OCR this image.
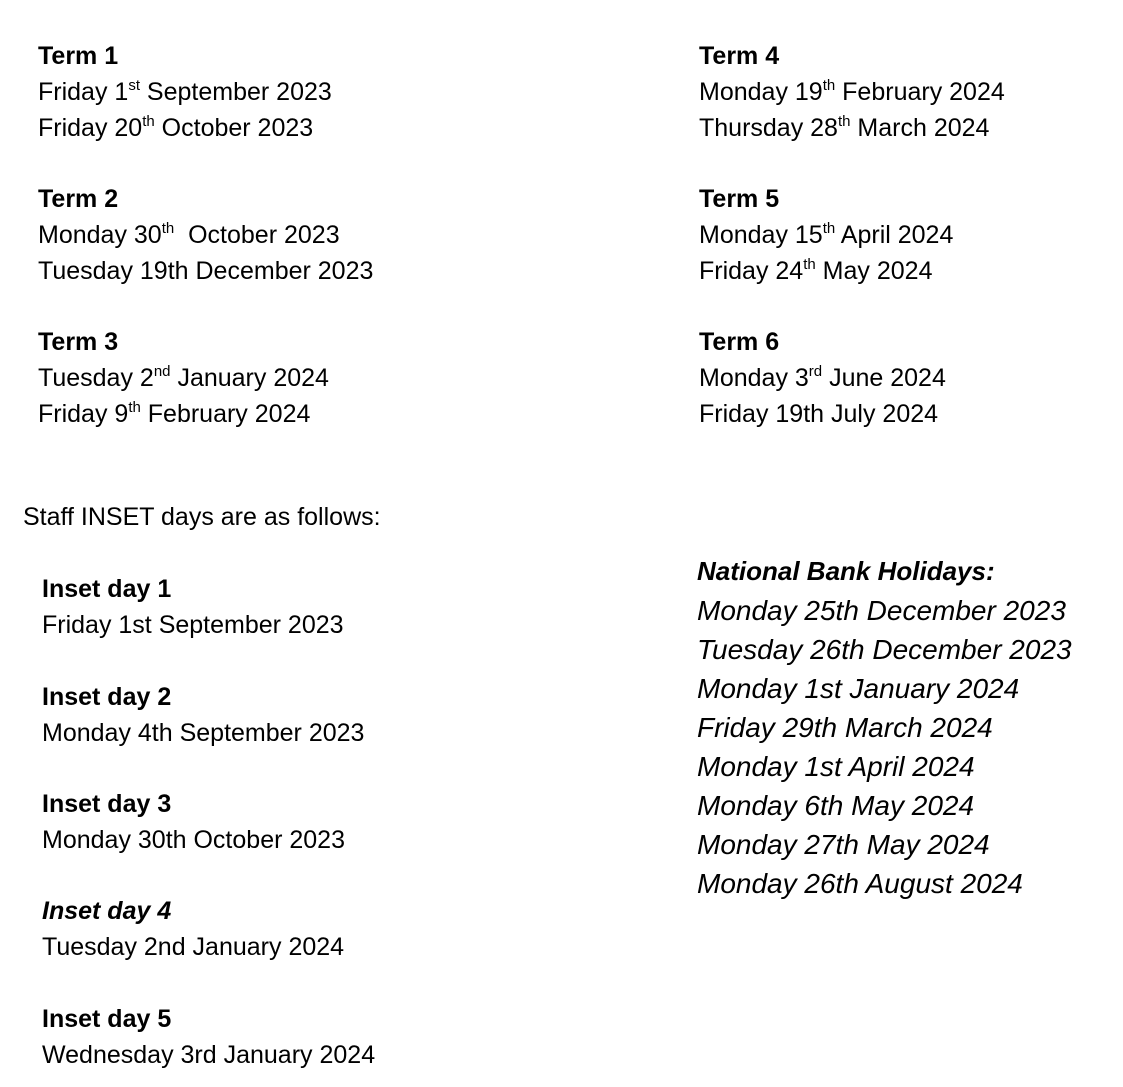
Term 1
Friday 1st September 2023
Friday 20th October 2023
Term 2
Monday 30th  October 2023
Tuesday 19th December 2023
Term 3
Tuesday 2nd January 2024
Friday 9th February 2024
Term 4
Monday 19th February 2024
Thursday 28th March 2024
Term 5
Monday 15th April 2024
Friday 24th May 2024
Term 6
Monday 3rd June 2024
Friday 19th July 2024
Staff INSET days are as follows:
Inset day 1
Friday 1st September 2023
Inset day 2
Monday 4th September 2023
Inset day 3
Monday 30th October 2023
Inset day 4
Tuesday 2nd January 2024
Inset day 5
Wednesday 3rd January 2024
National Bank Holidays:
Monday 25th December 2023
Tuesday 26th December 2023
Monday 1st January 2024
Friday 29th March 2024
Monday 1st April 2024
Monday 6th May 2024
Monday 27th May 2024
Monday 26th August 2024
